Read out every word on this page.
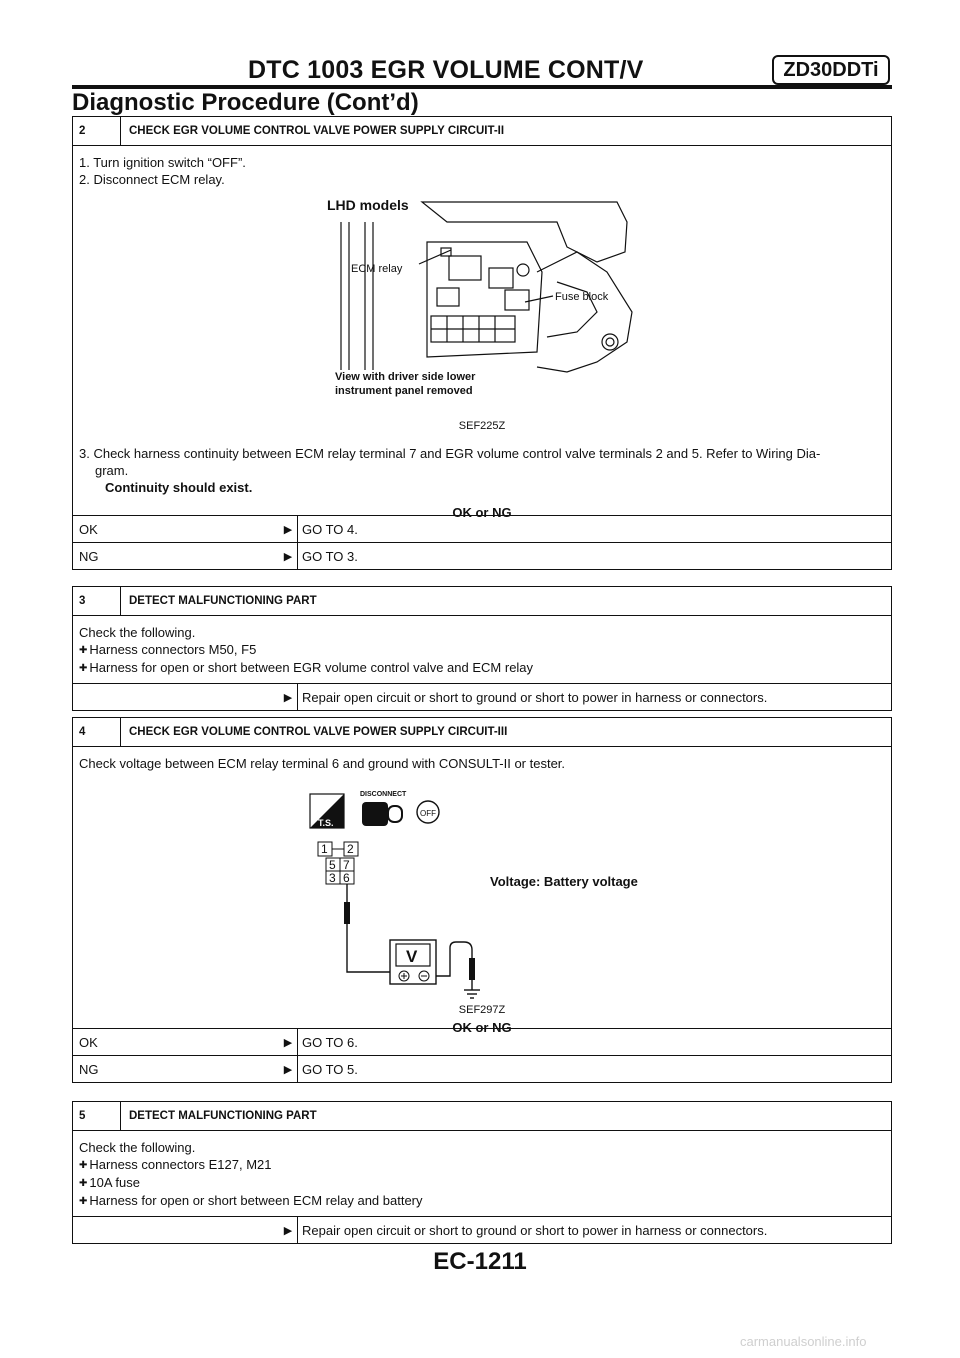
DTC 1003 EGR VOLUME CONT/V	ZD30DDTi
Diagnostic Procedure (Cont’d)
2	CHECK EGR VOLUME CONTROL VALVE POWER SUPPLY CIRCUIT-II
1. Turn ignition switch “OFF”.
2. Disconnect ECM relay.
LHD models
ECM relay
Fuse block
View with driver side lower
instrument panel removed
SEF225Z
3. Check harness continuity between ECM relay terminal 7 and EGR volume control valve terminals 2 and 5. Refer to Wiring Dia-
gram.
Continuity should exist.
OK or NG
OK	▶ GO TO 4.
NG	▶ GO TO 3.
3	DETECT MALFUNCTIONING PART
Check the following.
✚ Harness connectors M50, F5
✚ Harness for open or short between EGR volume control valve and ECM relay
▶ Repair open circuit or short to ground or short to power in harness or connectors.
4	CHECK EGR VOLUME CONTROL VALVE POWER SUPPLY CIRCUIT-III
Check voltage between ECM relay terminal 6 and ground with CONSULT-II or tester.
T.S.
DISCONNECT
OFF
1 2
5 7
3 6
V
Voltage: Battery voltage
SEF297Z
OK or NG
OK	▶ GO TO 6.
NG	▶ GO TO 5.
5	DETECT MALFUNCTIONING PART
Check the following.
✚ Harness connectors E127, M21
✚ 10A fuse
✚ Harness for open or short between ECM relay and battery
▶ Repair open circuit or short to ground or short to power in harness or connectors.
EC-1211
carmanualsonline.info
